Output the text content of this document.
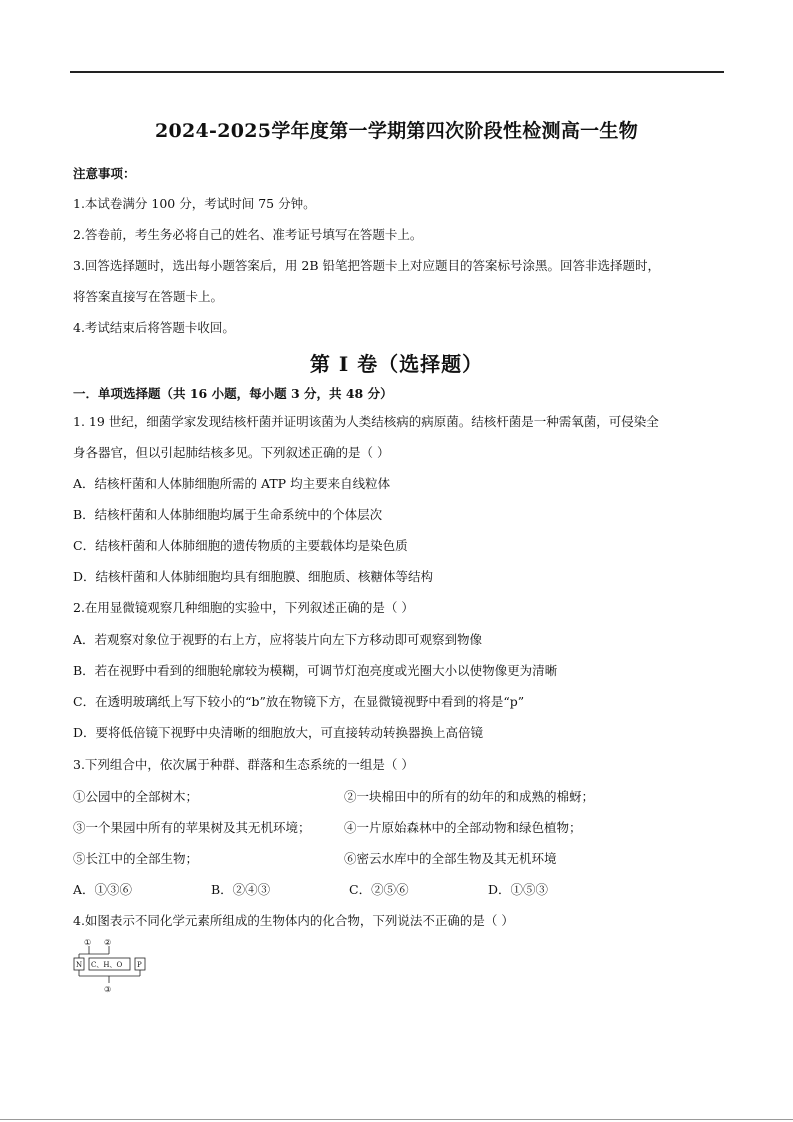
2024-2025学年度第一学期第四次阶段性检测高一生物
注意事项：
1.本试卷满分 100 分，考试时间 75 分钟。
2.答卷前，考生务必将自己的姓名、准考证号填写在答题卡上。
3.回答选择题时，选出每小题答案后，用 2B 铅笔把答题卡上对应题目的答案标号涂黑。回答非选择题时，
将答案直接写在答题卡上。
4.考试结束后将答题卡收回。
第 I 卷（选择题）
一．单项选择题（共 16 小题，每小题 3 分，共 48 分）
1. 19 世纪，细菌学家发现结核杆菌并证明该菌为人类结核病的病原菌。结核杆菌是一种需氧菌，可侵染全
身各器官，但以引起肺结核多见。下列叙述正确的是（ ）
A．结核杆菌和人体肺细胞所需的 ATP 均主要来自线粒体
B．结核杆菌和人体肺细胞均属于生命系统中的个体层次
C．结核杆菌和人体肺细胞的遗传物质的主要载体均是染色质
D．结核杆菌和人体肺细胞均具有细胞膜、细胞质、核糖体等结构
2.在用显微镜观察几种细胞的实验中，下列叙述正确的是（ ）
A．若观察对象位于视野的右上方，应将装片向左下方移动即可观察到物像
B．若在视野中看到的细胞轮廓较为模糊，可调节灯泡亮度或光圈大小以使物像更为清晰
C．在透明玻璃纸上写下较小的“b”放在物镜下方，在显微镜视野中看到的将是“p”
D．要将低倍镜下视野中央清晰的细胞放大，可直接转动转换器换上高倍镜
3.下列组合中，依次属于种群、群落和生态系统的一组是（ ）
①公园中的全部树木；	②一块棉田中的所有的幼年的和成熟的棉蚜；
③一个果园中所有的苹果树及其无机环境；	④一片原始森林中的全部动物和绿色植物；
⑤长江中的全部生物；	⑥密云水库中的全部生物及其无机环境
A．①③⑥	B．②④③	C．②⑤⑥	D．①⑤③
4.如图表示不同化学元素所组成的生物体内的化合物，下列说法不正确的是（ ）
① ②
N C、H、O P
③
